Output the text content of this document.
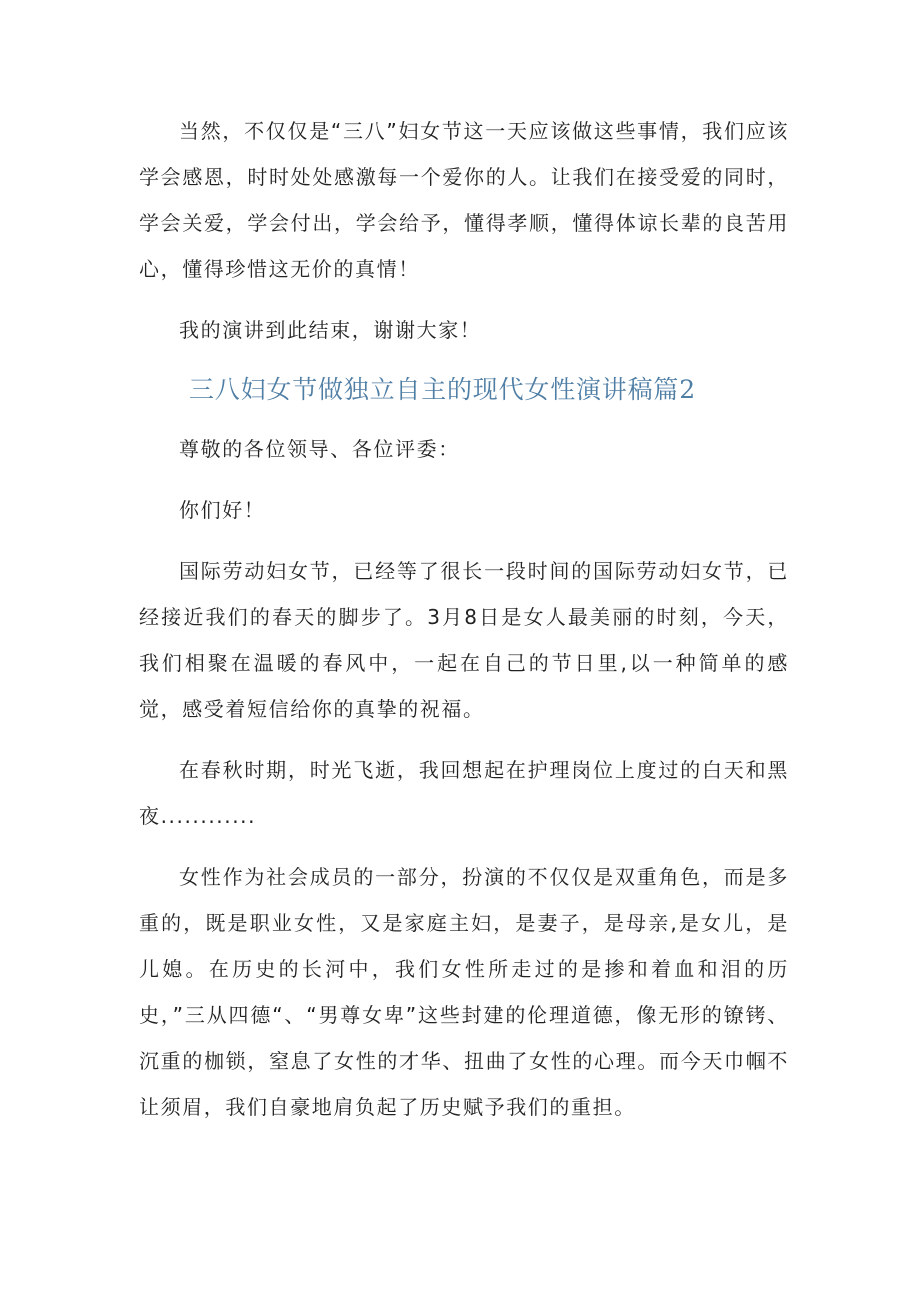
当然，不仅仅是“三八”妇女节这一天应该做这些事情，我们应该学会感恩，时时处处感激每一个爱你的人。让我们在接受爱的同时，学会关爱，学会付出，学会给予，懂得孝顺，懂得体谅长辈的良苦用心，懂得珍惜这无价的真情！

我的演讲到此结束，谢谢大家！

三八妇女节做独立自主的现代女性演讲稿篇2

尊敬的各位领导、各位评委：

你们好！

国际劳动妇女节，已经等了很长一段时间的国际劳动妇女节，已经接近我们的春天的脚步了。3月8日是女人最美丽的时刻，今天，我们相聚在温暖的春风中，一起在自己的节日里,以一种简单的感觉，感受着短信给你的真挚的祝福。

在春秋时期，时光飞逝，我回想起在护理岗位上度过的白天和黑夜............

女性作为社会成员的一部分，扮演的不仅仅是双重角色，而是多重的，既是职业女性，又是家庭主妇，是妻子，是母亲,是女儿，是儿媳。在历史的长河中，我们女性所走过的是掺和着血和泪的历史，”三从四德“、“男尊女卑”这些封建的伦理道德，像无形的镣铐、沉重的枷锁，窒息了女性的才华、扭曲了女性的心理。而今天巾帼不让须眉，我们自豪地肩负起了历史赋予我们的重担。
